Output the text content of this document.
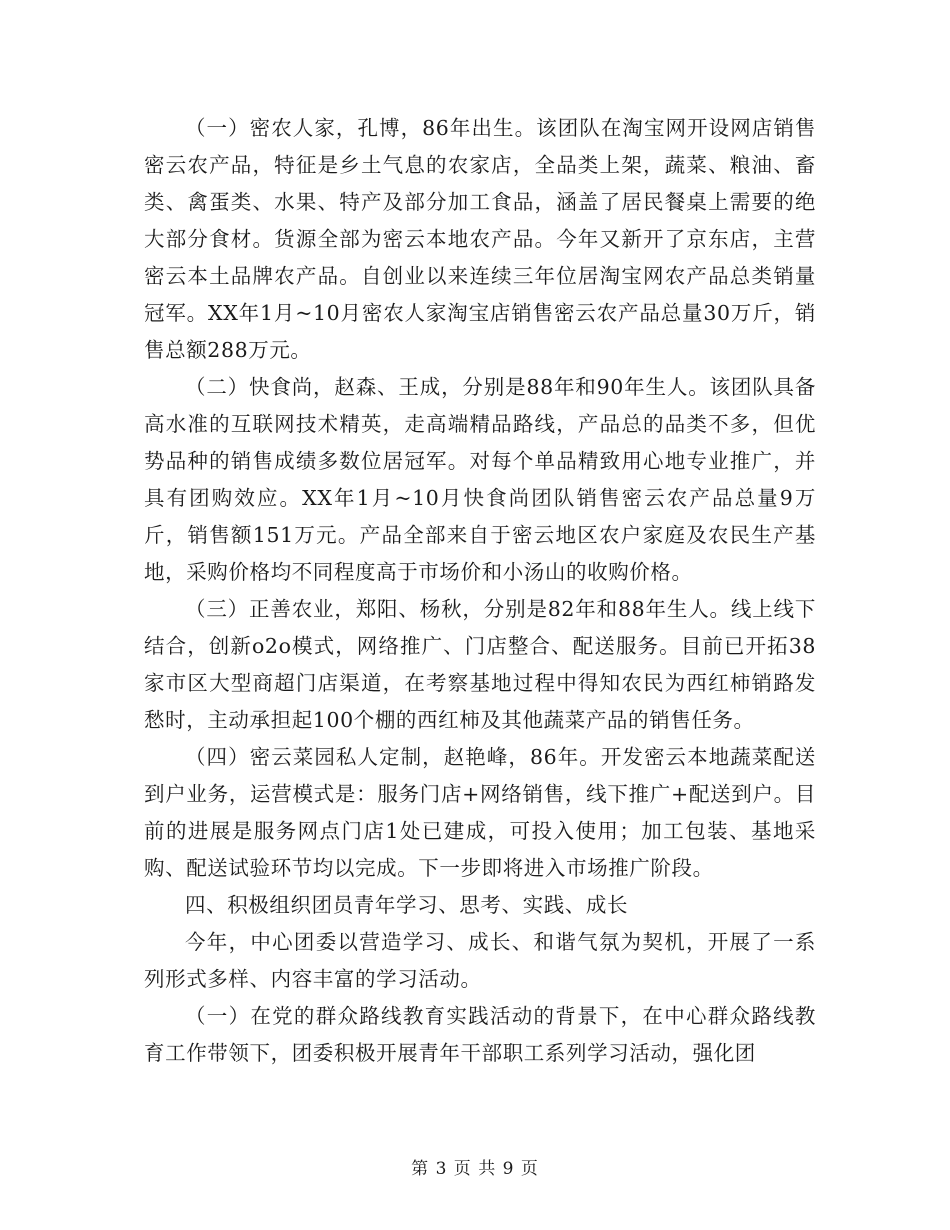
（一）密农人家，孔博，86年出生。该团队在淘宝网开设网店销售密云农产品，特征是乡土气息的农家店，全品类上架，蔬菜、粮油、畜类、禽蛋类、水果、特产及部分加工食品，涵盖了居民餐桌上需要的绝大部分食材。货源全部为密云本地农产品。今年又新开了京东店，主营密云本土品牌农产品。自创业以来连续三年位居淘宝网农产品总类销量冠军。XX年1月~10月密农人家淘宝店销售密云农产品总量30万斤，销售总额288万元。

（二）快食尚，赵森、王成，分别是88年和90年生人。该团队具备高水准的互联网技术精英，走高端精品路线，产品总的品类不多，但优势品种的销售成绩多数位居冠军。对每个单品精致用心地专业推广，并具有团购效应。XX年1月~10月快食尚团队销售密云农产品总量9万斤，销售额151万元。产品全部来自于密云地区农户家庭及农民生产基地，采购价格均不同程度高于市场价和小汤山的收购价格。

（三）正善农业，郑阳、杨秋，分别是82年和88年生人。线上线下结合，创新o2o模式，网络推广、门店整合、配送服务。目前已开拓38家市区大型商超门店渠道，在考察基地过程中得知农民为西红柿销路发愁时，主动承担起100个棚的西红柿及其他蔬菜产品的销售任务。

（四）密云菜园私人定制，赵艳峰，86年。开发密云本地蔬菜配送到户业务，运营模式是：服务门店+网络销售，线下推广+配送到户。目前的进展是服务网点门店1处已建成，可投入使用；加工包装、基地采购、配送试验环节均以完成。下一步即将进入市场推广阶段。

四、积极组织团员青年学习、思考、实践、成长

今年，中心团委以营造学习、成长、和谐气氛为契机，开展了一系列形式多样、内容丰富的学习活动。

（一）在党的群众路线教育实践活动的背景下，在中心群众路线教育工作带领下，团委积极开展青年干部职工系列学习活动，强化团

第 3 页 共 9 页
